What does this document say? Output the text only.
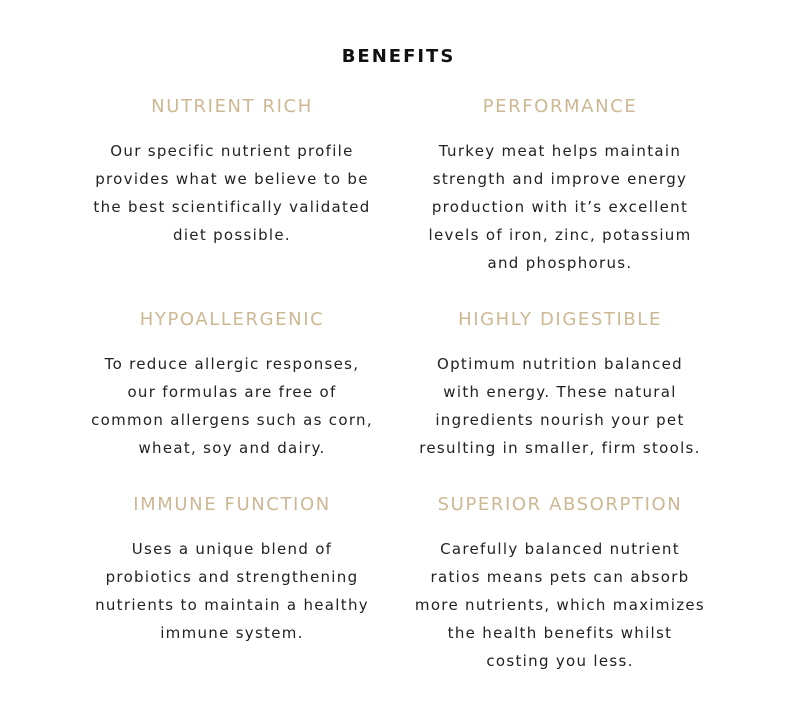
BENEFITS
NUTRIENT RICH

Our specific nutrient profile
provides what we believe to be
the best scientifically validated
diet possible.

PERFORMANCE

Turkey meat helps maintain
strength and improve energy
production with it’s excellent
levels of iron, zinc, potassium
and phosphorus.

HYPOALLERGENIC

To reduce allergic responses,
our formulas are free of
common allergens such as corn,
wheat, soy and dairy.

HIGHLY DIGESTIBLE

Optimum nutrition balanced
with energy. These natural
ingredients nourish your pet
resulting in smaller, firm stools.

IMMUNE FUNCTION

Uses a unique blend of
probiotics and strengthening
nutrients to maintain a healthy
immune system.

SUPERIOR ABSORPTION

Carefully balanced nutrient
ratios means pets can absorb
more nutrients, which maximizes
the health benefits whilst
costing you less.
